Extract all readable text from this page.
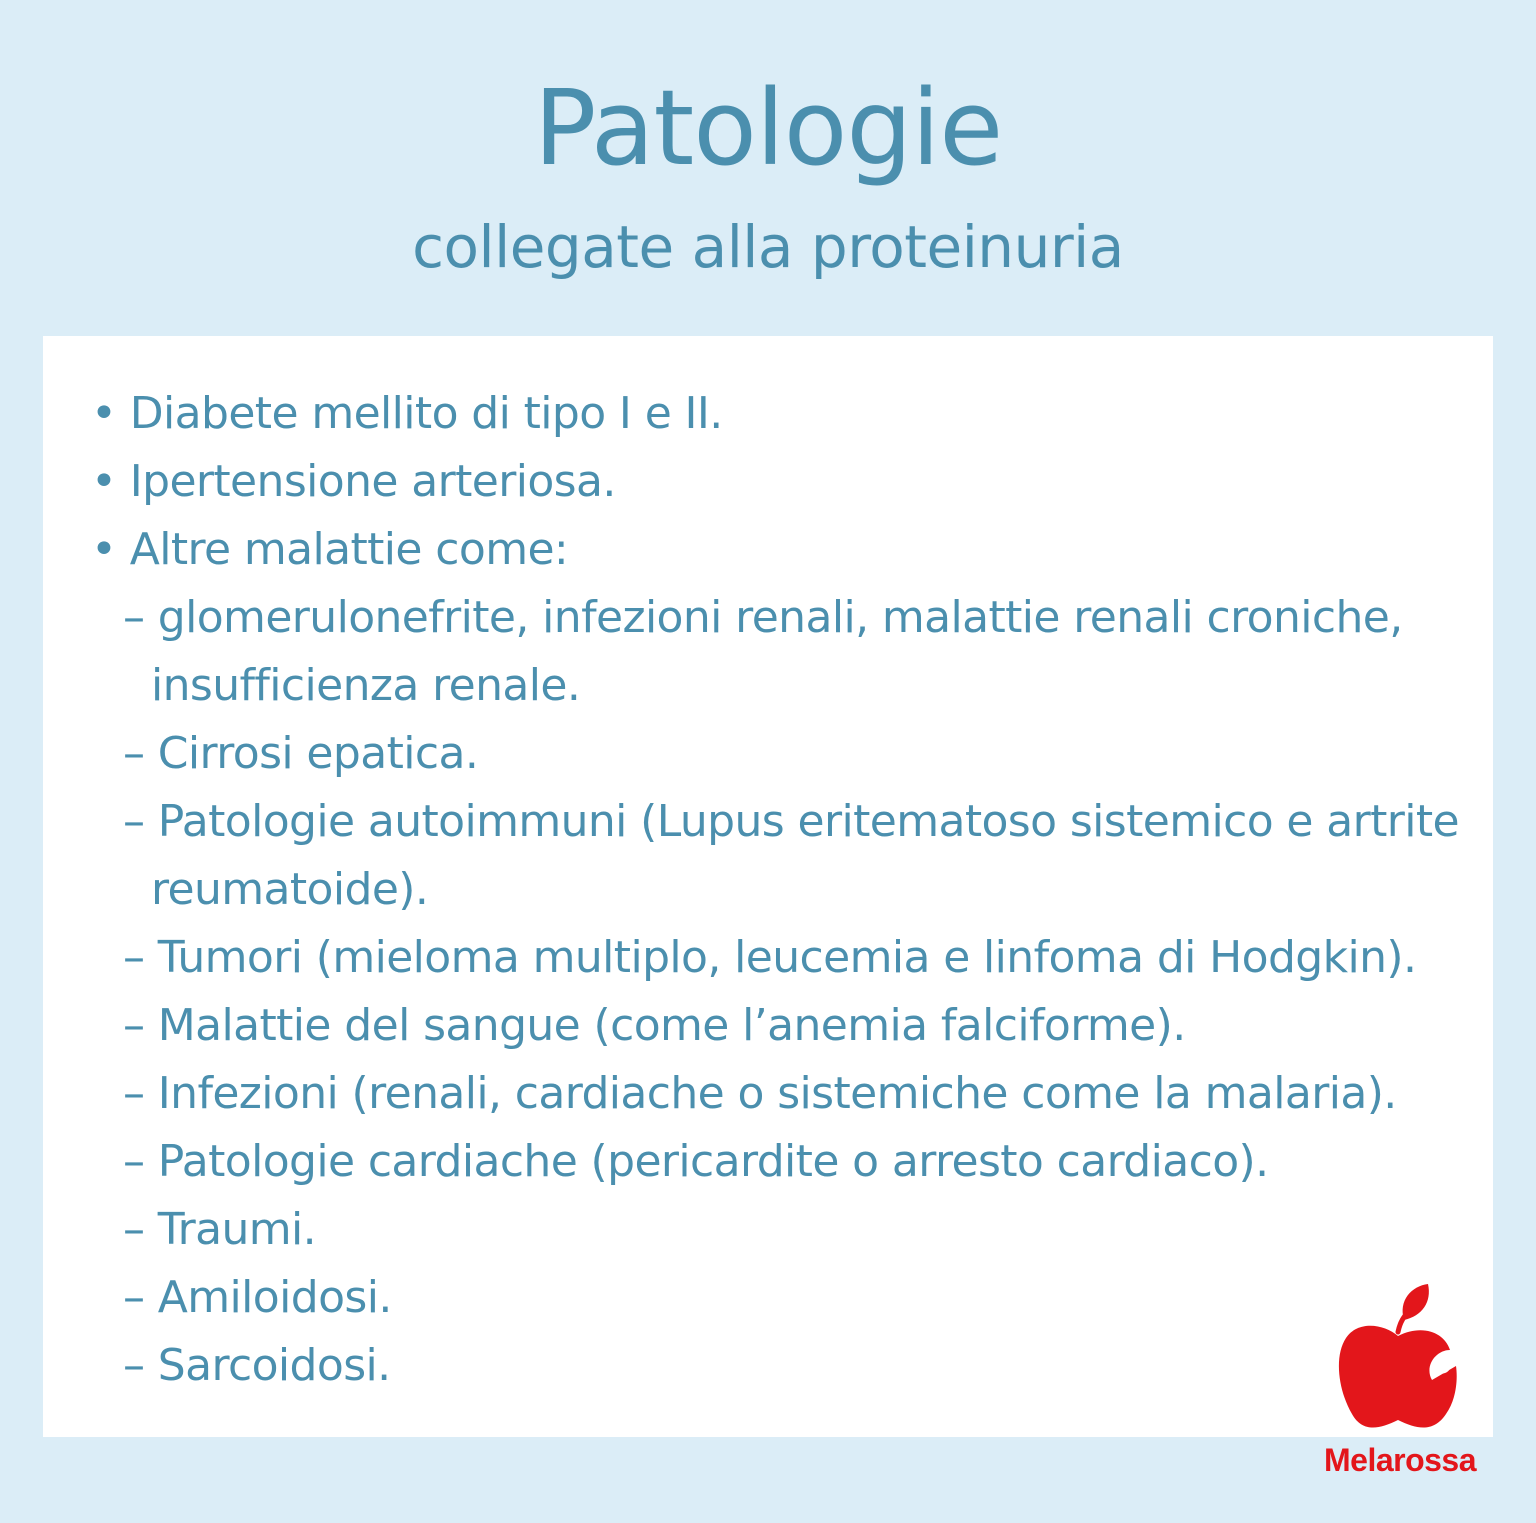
Patologie
collegate alla proteinuria
• Diabete mellito di tipo I e II.
• Ipertensione arteriosa.
• Altre malattie come:
– glomerulonefrite, infezioni renali, malattie renali croniche,
insufficienza renale.
– Cirrosi epatica.
– Patologie autoimmuni (Lupus eritematoso sistemico e artrite
reumatoide).
– Tumori (mieloma multiplo, leucemia e linfoma di Hodgkin).
– Malattie del sangue (come l’anemia falciforme).
– Infezioni (renali, cardiache o sistemiche come la malaria).
– Patologie cardiache (pericardite o arresto cardiaco).
– Traumi.
– Amiloidosi.
– Sarcoidosi.
Melarossa
